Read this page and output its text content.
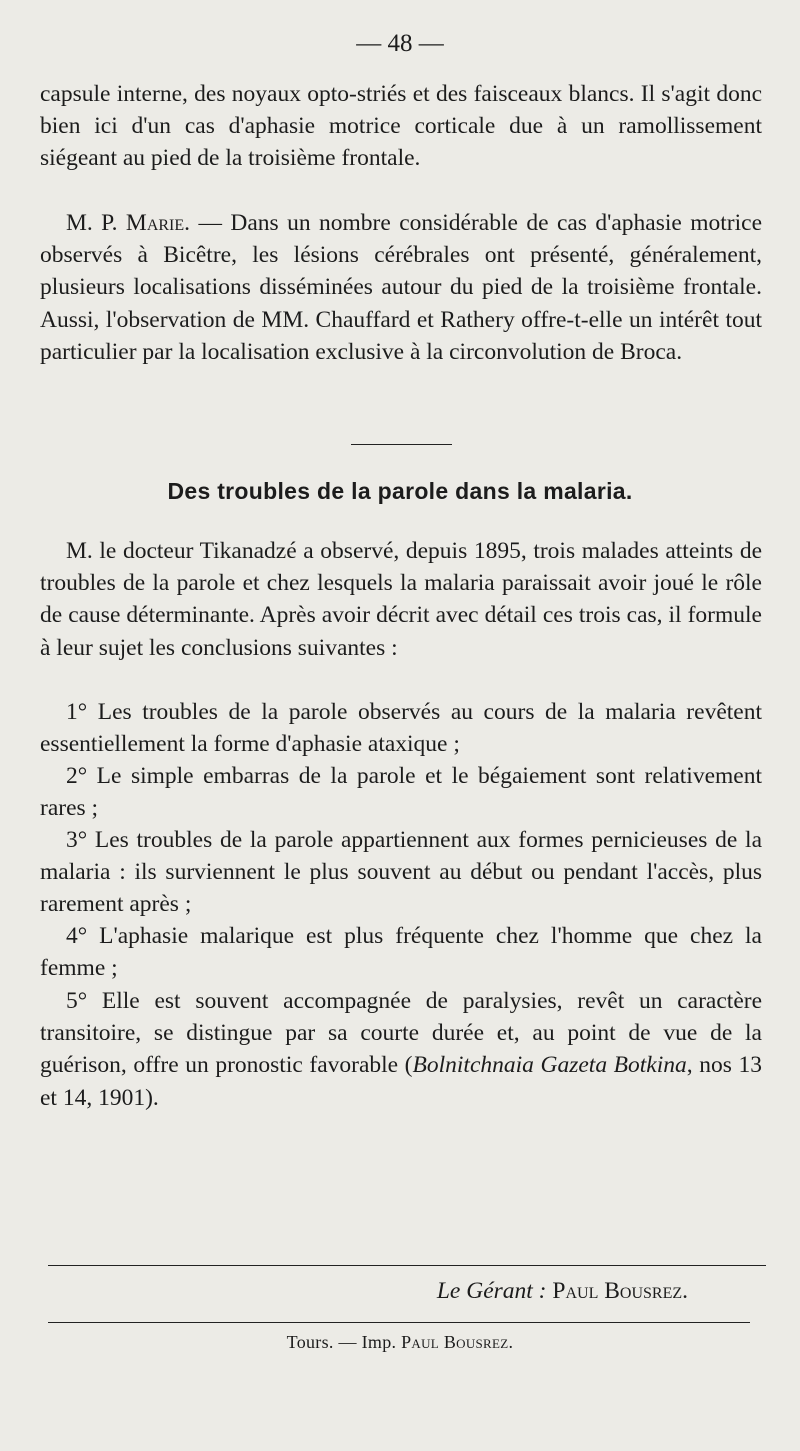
— 48 —

capsule interne, des noyaux opto-striés et des faisceaux blancs. Il s'agit donc bien ici d'un cas d'aphasie motrice corticale due à un ramollissement siégeant au pied de la troisième frontale.

M. P. Marie. — Dans un nombre considérable de cas d'aphasie motrice observés à Bicêtre, les lésions cérébrales ont présenté, généralement, plusieurs localisations disséminées autour du pied de la troisième frontale. Aussi, l'observation de MM. Chauffard et Rathery offre-t-elle un intérêt tout particulier par la localisation exclusive à la circonvolution de Broca.

Des troubles de la parole dans la malaria.

M. le docteur Tikanadzé a observé, depuis 1895, trois malades atteints de troubles de la parole et chez lesquels la malaria paraissait avoir joué le rôle de cause déterminante. Après avoir décrit avec détail ces trois cas, il formule à leur sujet les conclusions suivantes :

1° Les troubles de la parole observés au cours de la malaria revêtent essentiellement la forme d'aphasie ataxique ;

2° Le simple embarras de la parole et le bégaiement sont relativement rares ;

3° Les troubles de la parole appartiennent aux formes pernicieuses de la malaria : ils surviennent le plus souvent au début ou pendant l'accès, plus rarement après ;

4° L'aphasie malarique est plus fréquente chez l'homme que chez la femme ;

5° Elle est souvent accompagnée de paralysies, revêt un caractère transitoire, se distingue par sa courte durée et, au point de vue de la guérison, offre un pronostic favorable (Bolnitchnaia Gazeta Botkina, nos 13 et 14, 1901).

Le Gérant : Paul Bousrez.
Tours. — Imp. Paul Bousrez.
